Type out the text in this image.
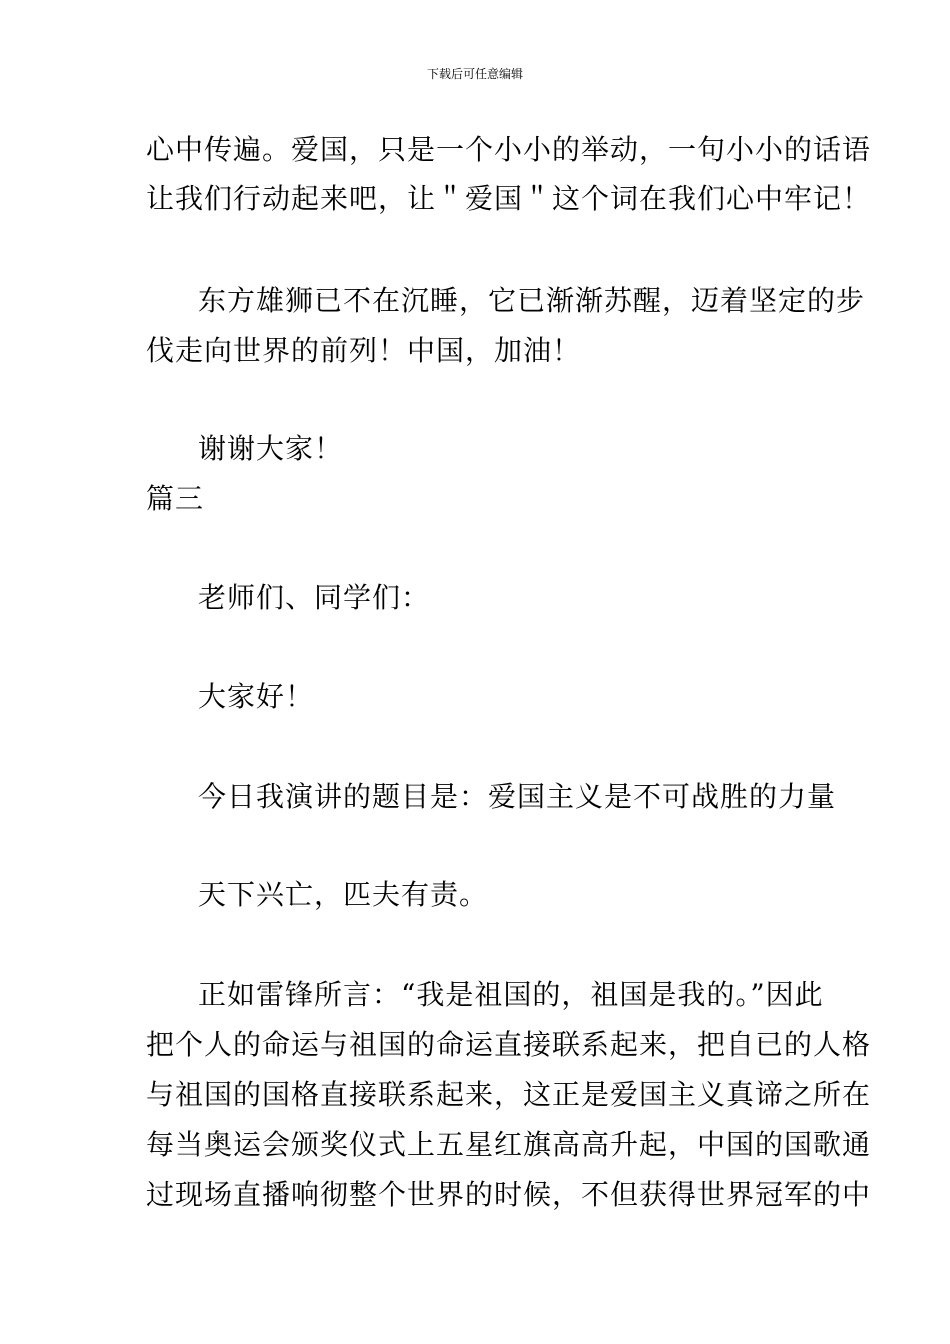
下载后可任意编辑
心中传遍。爱国，只是一个小小的举动，一句小小的话语
让我们行动起来吧，让＂爱国＂这个词在我们心中牢记！
东方雄狮已不在沉睡，它已渐渐苏醒，迈着坚定的步
伐走向世界的前列！中国，加油！
谢谢大家！
篇三
老师们、同学们：
大家好！
今日我演讲的题目是：爱国主义是不可战胜的力量
天下兴亡，匹夫有责。
正如雷锋所言：“我是祖国的，祖国是我的。”因此
把个人的命运与祖国的命运直接联系起来，把自已的人格
与祖国的国格直接联系起来，这正是爱国主义真谛之所在
每当奥运会颁奖仪式上五星红旗高高升起，中国的国歌通
过现场直播响彻整个世界的时候，不但获得世界冠军的中
